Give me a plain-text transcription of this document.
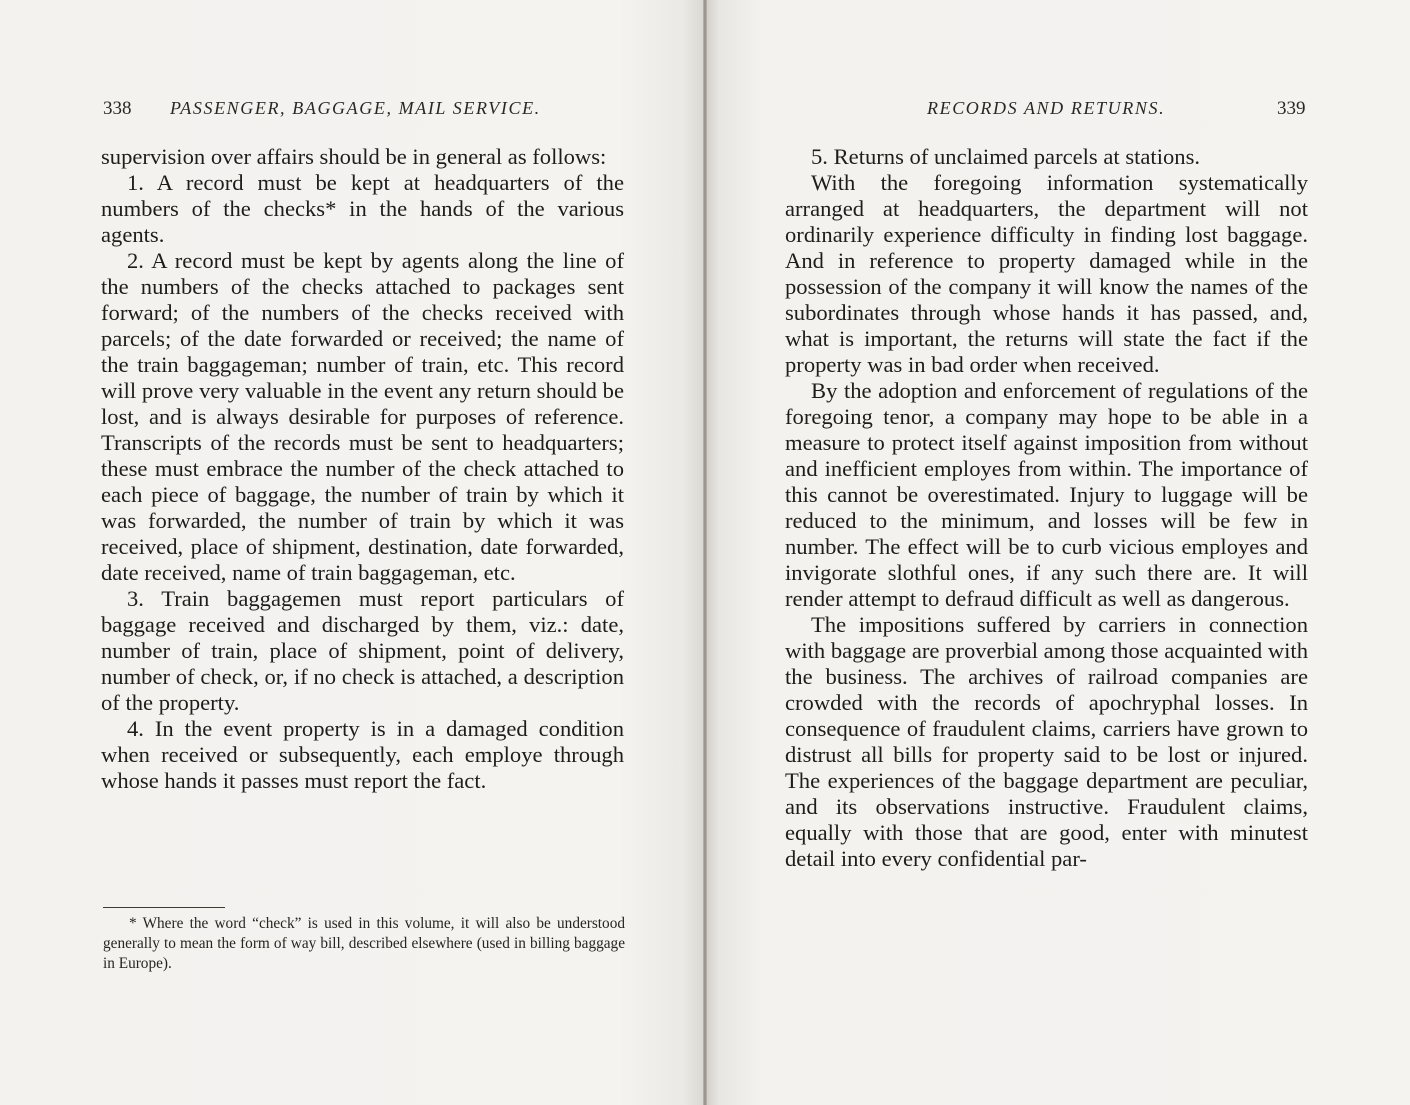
338 PASSENGER, BAGGAGE, MAIL SERVICE.

supervision over affairs should be in general as follows:

1. A record must be kept at headquarters of the numbers of the checks* in the hands of the various agents.

2. A record must be kept by agents along the line of the numbers of the checks attached to packages sent forward; of the numbers of the checks received with parcels; of the date forwarded or received; the name of the train baggageman; number of train, etc. This record will prove very valuable in the event any return should be lost, and is always desirable for purposes of reference. Transcripts of the records must be sent to headquarters; these must embrace the number of the check attached to each piece of baggage, the number of train by which it was forwarded, the number of train by which it was received, place of shipment, destination, date forwarded, date received, name of train baggageman, etc.

3. Train baggagemen must report particulars of baggage received and discharged by them, viz.: date, number of train, place of shipment, point of delivery, number of check, or, if no check is attached, a description of the property.

4. In the event property is in a damaged condition when received or subsequently, each employe through whose hands it passes must report the fact.

* Where the word “check” is used in this volume, it will also be understood generally to mean the form of way bill, described elsewhere (used in billing baggage in Europe).

RECORDS AND RETURNS.	339

5. Returns of unclaimed parcels at stations.

With the foregoing information systematically arranged at headquarters, the department will not ordinarily experience difficulty in finding lost baggage. And in reference to property damaged while in the possession of the company it will know the names of the subordinates through whose hands it has passed, and, what is important, the returns will state the fact if the property was in bad order when received.

By the adoption and enforcement of regulations of the foregoing tenor, a company may hope to be able in a measure to protect itself against imposition from without and inefficient employes from within. The importance of this cannot be overestimated. Injury to luggage will be reduced to the minimum, and losses will be few in number. The effect will be to curb vicious employes and invigorate slothful ones, if any such there are. It will render attempt to defraud difficult as well as dangerous.

The impositions suffered by carriers in connection with baggage are proverbial among those acquainted with the business. The archives of railroad companies are crowded with the records of apochryphal losses. In consequence of fraudulent claims, carriers have grown to distrust all bills for property said to be lost or injured. The experiences of the baggage department are peculiar, and its observations instructive. Fraudulent claims, equally with those that are good, enter with minutest detail into every confidential par-
